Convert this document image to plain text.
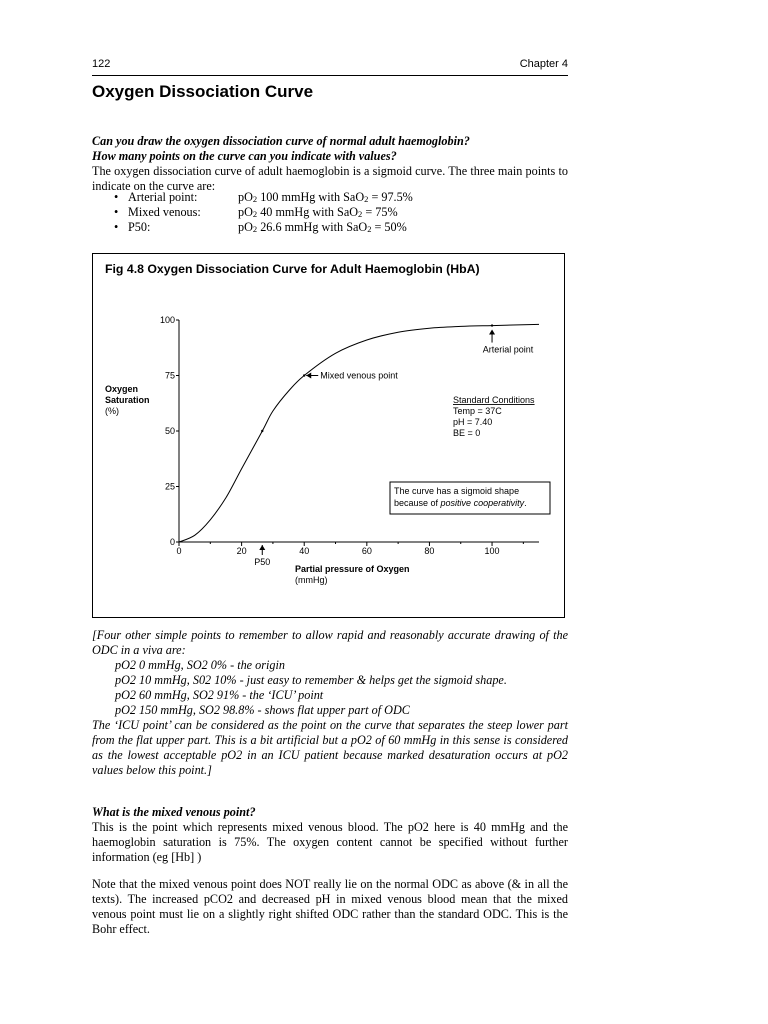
122	Chapter 4
Oxygen Dissociation Curve
Can you draw the oxygen dissociation curve of normal adult haemoglobin?
How many points on the curve can you indicate with values?
The oxygen dissociation curve of adult haemoglobin is a sigmoid curve. The three main points to indicate on the curve are:
• Arterial point:	$pO_2$ 100 mmHg with SaO$_2$ = 97.5%
• Mixed venous:	$pO_2$ 40 mmHg with SaO$_2$ = 75%
• P50:	$pO_2$ 26.6 mmHg with SaO$_2$ = 50%
Fig 4.8 Oxygen Dissociation Curve for Adult Haemoglobin (HbA)
0	20	40	60	80	100
0
25
50
75
100
Arterial point
Mixed venous point
P50
Oxygen
Saturation
(%)
Partial pressure of Oxygen
(mmHg)
Standard Conditions
Temp = 37C
pH = 7.40
BE = 0
The curve has a sigmoid shape
because of positive cooperativity.
[Four other simple points to remember to allow rapid and reasonably accurate drawing of the ODC in a viva are:
pO2 0 mmHg, SO2 0% - the origin
pO2 10 mmHg, S02 10% - just easy to remember & helps get the sigmoid shape.
pO2 60 mmHg, SO2 91% - the ‘ICU’ point
pO2 150 mmHg, SO2 98.8% - shows flat upper part of ODC
The ‘ICU point’ can be considered as the point on the curve that separates the steep lower part from the flat upper part. This is a bit artificial but a pO2 of 60 mmHg in this sense is considered as the lowest acceptable pO2 in an ICU patient because marked desaturation occurs at pO2 values below this point.]
What is the mixed venous point?
This is the point which represents mixed venous blood. The pO2 here is 40 mmHg and the haemoglobin saturation is 75%. The oxygen content cannot be specified without further information (eg [Hb] )
Note that the mixed venous point does NOT really lie on the normal ODC as above (& in all the texts). The increased pCO2 and decreased pH in mixed venous blood mean that the mixed venous point must lie on a slightly right shifted ODC rather than the standard ODC. This is the Bohr effect.
